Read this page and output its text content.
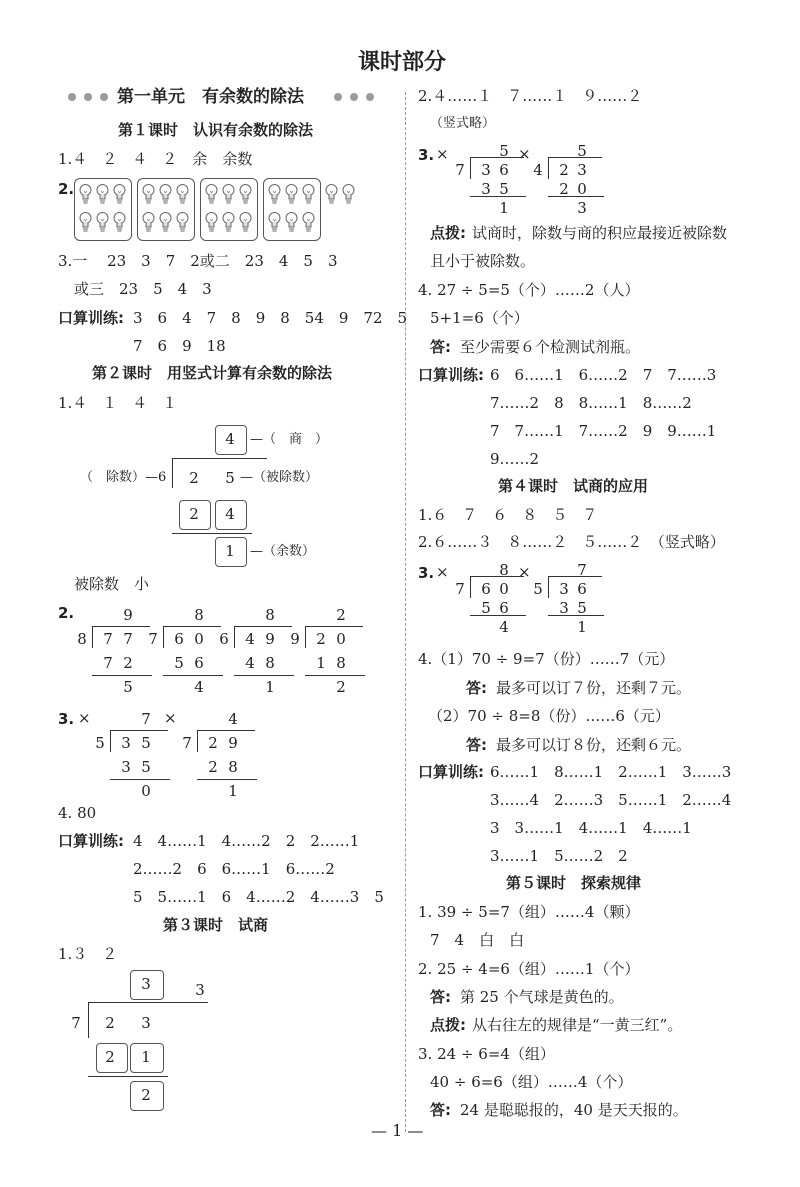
课时部分
第一单元　有余数的除法
第１课时　认识有余数的除法
1.４　２　４　２　余　余数
2.
3.一　 23　3　7　2或二　23　4　5　3
或三　23　5　4　3
口算训练: 3　6　4　7　8　9　8　54　9　72　5
7　6　9　18
第２课时　用竖式计算有余数的除法
1.４　１　４　１
4	—（　商　）
（　除数）—6	2	5 —（被除数）
2	4
1	—（余数）
被除数　小
2.	9
8	7 7
7 2
5
8
7	6 0
5 6
4
8
6	4 9
4 8
1
2
9	2 0
1 8
2
3. ×	×
7
5	3 5
3 5
0
4
7	2 9
2 8
1
4. 80
口算训练: 4　4……1　4……2　2　2……1
2……2　6　6……1　6……2
5　5……1　6　4……2　4……3　5
第３课时　试商
1.３　２
3	3
7	2	3
2	1
2
2.４……１　７……１　９……２
（竖式略）
3. ×	×
5
7	3 6
3 5
1
5
4	2 3
2 0
3
点拨: 试商时，除数与商的积应最接近被除数
且小于被除数。
4. 27 ÷ 5=5（个）……2（人）
5+1=6（个）
答: 至少需要６个检测试剂瓶。
口算训练: 6　6……1　6……2　7　7……3
7……2　8　8……1　8……2
7　7……1　7……2　9　9……1
9……2
第４课时　试商的应用
1.６　７　６　８　５　７
2.６……３　８……２　５……２　（竖式略）
3. ×	×
8
7	6 0
5 6
4
7
5	3 6
3 5
1
4.（1）70 ÷ 9=7（份）……7（元）
答: 最多可以订７份，还剩７元。
（2）70 ÷ 8=8（份）……6（元）
答: 最多可以订８份，还剩６元。
口算训练: 6……1　8……1　2……1　3……3
3……4　2……3　5……1　2……4
3　3……1　4……1　4……1
3……1　5……2　2
第５课时　探索规律
1. 39 ÷ 5=7（组）……4（颗）
7　4　白　白
2. 25 ÷ 4=6（组）……1（个）
答: 第 25 个气球是黄色的。
点拨: 从右往左的规律是“一黄三红”。
3. 24 ÷ 6=4（组）
40 ÷ 6=6（组）……4（个）
答: 24 是聪聪报的，40 是天天报的。
— 1 —
